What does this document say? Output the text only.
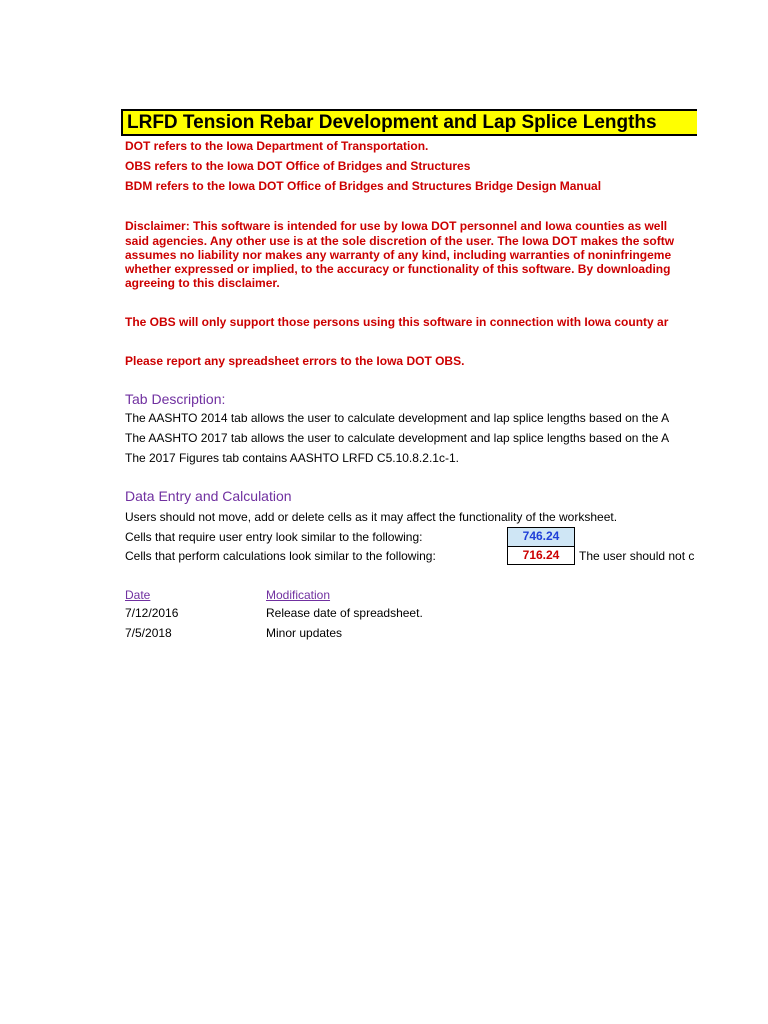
LRFD Tension Rebar Development and Lap Splice Lengths
DOT refers to the Iowa Department of Transportation.
OBS refers to the Iowa DOT Office of Bridges and Structures
BDM refers to the Iowa DOT Office of Bridges and Structures Bridge Design Manual
Disclaimer: This software is intended for use by Iowa DOT personnel and Iowa counties as well
said agencies. Any other use is at the sole discretion of the user. The Iowa DOT makes the softw
assumes no liability nor makes any warranty of any kind, including warranties of noninfringeme
whether expressed or implied, to the accuracy or functionality of this software. By downloading
agreeing to this disclaimer.
The OBS will only support those persons using this software in connection with Iowa county ar
Please report any spreadsheet errors to the Iowa DOT OBS.
Tab Description:
The AASHTO 2014 tab allows the user to calculate development and lap splice lengths based on the A
The AASHTO 2017 tab allows the user to calculate development and lap splice lengths based on the A
The 2017 Figures tab contains AASHTO LRFD C5.10.8.2.1c-1.
Data Entry and Calculation
Users should not move, add or delete cells as it may affect the functionality of the worksheet.
Cells that require user entry look similar to the following:
Cells that perform calculations look similar to the following:
746.24
716.24	The user should not c
Date	Modification
7/12/2016	Release date of spreadsheet.
7/5/2018	Minor updates
